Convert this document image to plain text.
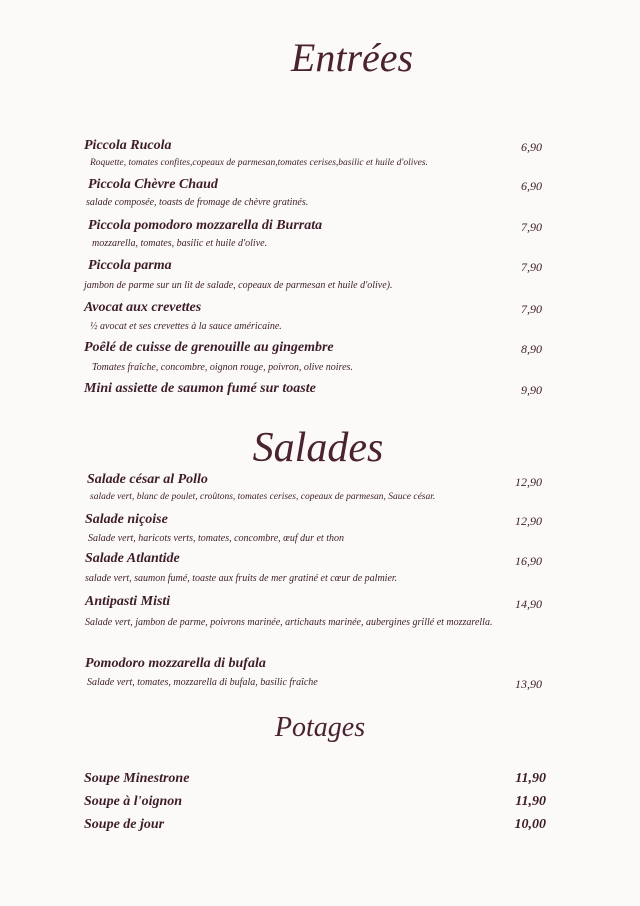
Entrées
Piccola Rucola
Roquette, tomates confites,copeaux de parmesan,tomates cerises,basilic et huile d'olives.
6,90
Piccola Chèvre Chaud
salade composée, toasts de fromage de chèvre gratinés.
6,90
Piccola pomodoro mozzarella di Burrata
mozzarella, tomates, basilic et huile d'olive.
7,90
Piccola parma
jambon de parme sur un lit de salade, copeaux de parmesan et huile d'olive).
7,90
Avocat aux crevettes
½ avocat et ses crevettes à la sauce américaine.
7,90
Poêlé de cuisse de grenouille au gingembre
Tomates fraîche, concombre, oignon rouge, poivron, olive noires.
8,90
Mini assiette de saumon fumé sur toaste	9,90
Salades
Salade césar al Pollo
salade vert, blanc de poulet, croûtons, tomates cerises, copeaux de parmesan, Sauce césar.
12,90
Salade niçoise
Salade vert, haricots verts, tomates, concombre, œuf dur et thon
12,90
Salade Atlantide
salade vert, saumon fumé, toaste aux fruits de mer gratiné et cœur de palmier.
16,90
Antipasti Misti
Salade vert, jambon de parme, poivrons marinée, artichauts marinée, aubergines grillé et mozzarella.
14,90
Pomodoro mozzarella di bufala
Salade vert, tomates, mozzarella di bufala, basilic fraîche	13,90
Potages
Soupe Minestrone	11,90
Soupe à l'oignon	11,90
Soupe de jour	10,00
